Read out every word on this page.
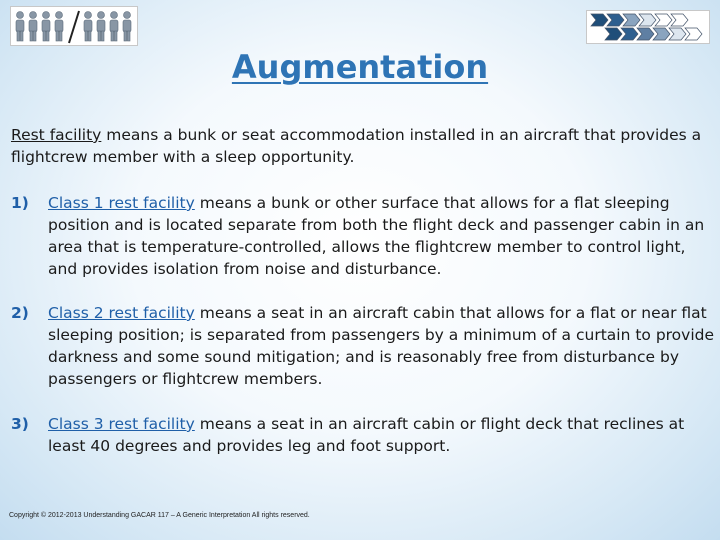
Augmentation
Rest facility means a bunk or seat accommodation installed in an aircraft that provides a flightcrew member with a sleep opportunity.
1)	Class 1 rest facility means a bunk or other surface that allows for a flat sleeping position and is located separate from both the flight deck and passenger cabin in an area that is temperature-controlled, allows the flightcrew member to control light, and provides isolation from noise and disturbance.
2)	Class 2 rest facility means a seat in an aircraft cabin that allows for a flat or near flat sleeping position; is separated from passengers by a minimum of a curtain to provide darkness and some sound mitigation; and is reasonably free from disturbance by passengers or flightcrew members.
3)	Class 3 rest facility means a seat in an aircraft cabin or flight deck that reclines at least 40 degrees and provides leg and foot support.
Copyright © 2012-2013 Understanding GACAR 117 – A Generic Interpretation All rights reserved.
